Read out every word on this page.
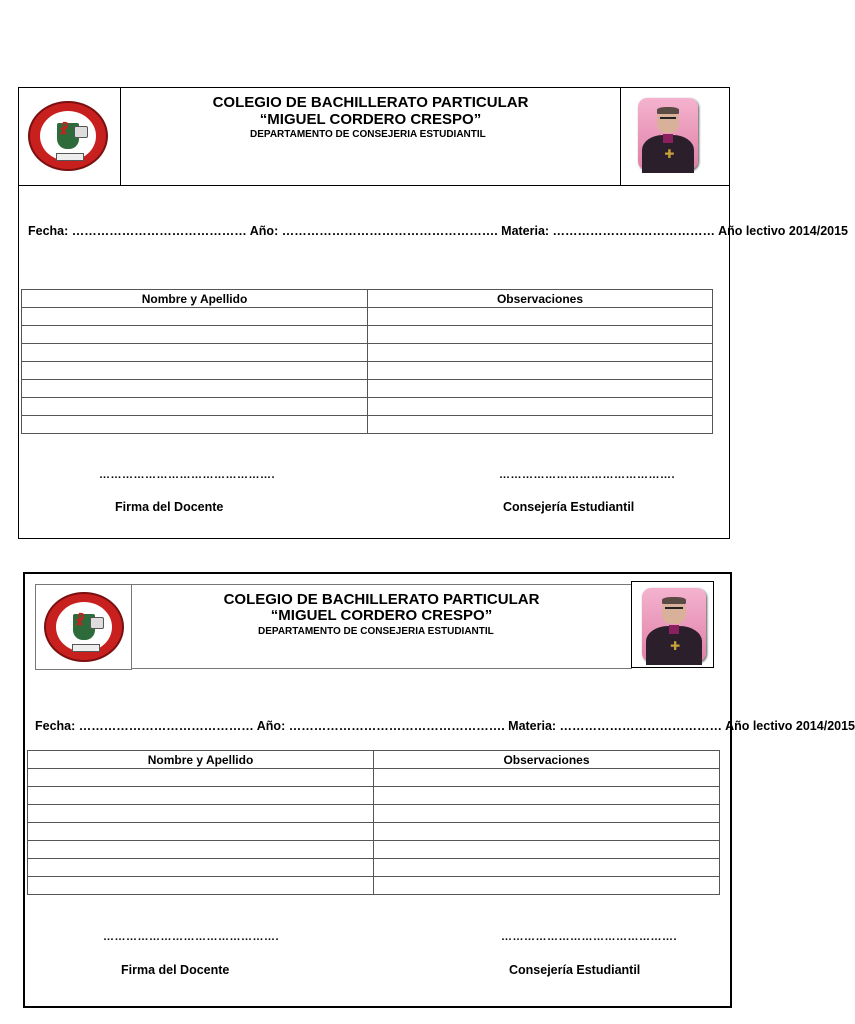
☧
COLEGIO DE BACHILLERATO PARTICULAR
“MIGUEL CORDERO CRESPO”
DEPARTAMENTO DE CONSEJERIA ESTUDIANTIL
✚
Fecha: …………………………………… Año: ……………………………………………. Materia: ………………………………… Año lectivo 2014/2015
Nombre y Apellido	Observaciones

……………………………………….
Firma del Docente
……………………………………….
Consejería Estudiantil
☧
COLEGIO DE BACHILLERATO PARTICULAR
“MIGUEL CORDERO CRESPO”
DEPARTAMENTO DE CONSEJERIA ESTUDIANTIL
✚
Fecha: …………………………………… Año: ……………………………………………. Materia: ………………………………… Año lectivo 2014/2015
Nombre y Apellido	Observaciones

……………………………………….
Firma del Docente
……………………………………….
Consejería Estudiantil
